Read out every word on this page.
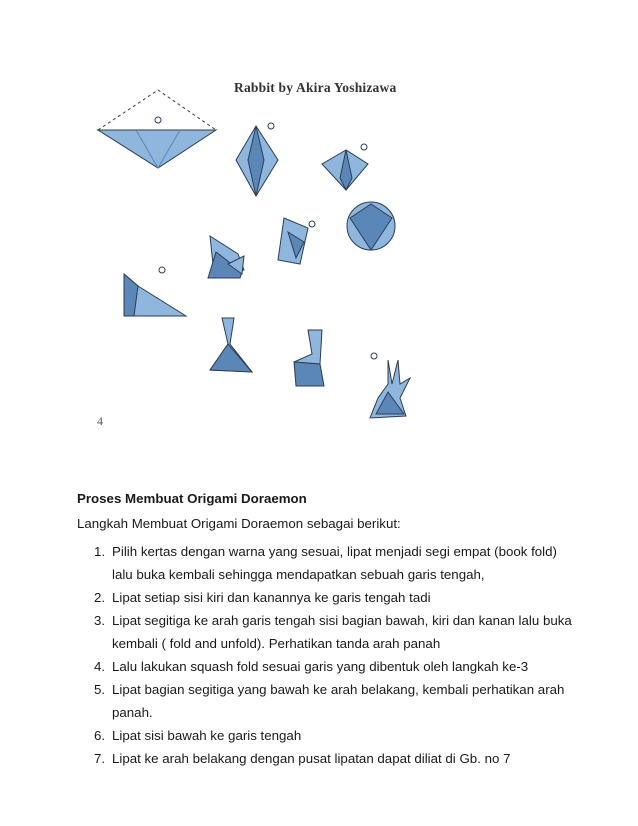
Rabbit by Akira Yoshizawa
4
Proses Membuat Origami Doraemon
Langkah Membuat Origami Doraemon sebagai berikut:
1. Pilih kertas dengan warna yang sesuai, lipat menjadi segi empat (book fold) lalu buka kembali sehingga mendapatkan sebuah garis tengah,
2. Lipat setiap sisi kiri dan kanannya ke garis tengah tadi
3. Lipat segitiga ke arah garis tengah sisi bagian bawah, kiri dan kanan lalu buka kembali ( fold and unfold). Perhatikan tanda arah panah
4. Lalu lakukan squash fold sesuai garis yang dibentuk oleh langkah ke-3
5. Lipat bagian segitiga yang bawah ke arah belakang, kembali perhatikan arah panah.
6. Lipat sisi bawah ke garis tengah
7. Lipat ke arah belakang dengan pusat lipatan dapat diliat di Gb. no 7
